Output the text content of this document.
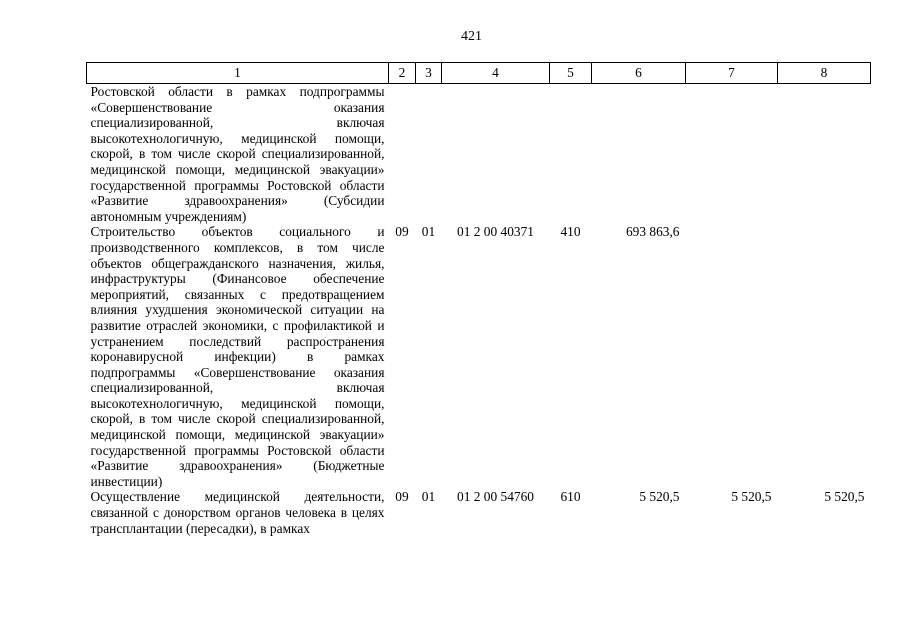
421
1	2	3	4	5	6	7	8
Ростовской области в рамках подпрограммы «Совершенствование оказания специализированной, включая высокотехнологичную, медицинской помощи, скорой, в том числе скорой специализированной, медицинской помощи, медицинской эвакуации» государственной программы Ростовской области «Развитие здравоохранения» (Субсидии автономным учреждениям)							
Строительство объектов социального и производственного комплексов, в том числе объектов общегражданского назначения, жилья, инфраструктуры (Финансовое обеспечение мероприятий, связанных с предотвращением влияния ухудшения экономической ситуации на развитие отраслей экономики, с профилактикой и устранением последствий распространения коронавирусной инфекции) в рамках подпрограммы «Совершенствование оказания специализированной, включая высокотехнологичную, медицинской помощи, скорой, в том числе скорой специализированной, медицинской помощи, медицинской эвакуации» государственной программы Ростовской области «Развитие здравоохранения» (Бюджетные инвестиции)	09	01	01 2 00 40371	410	693 863,6		
Осуществление медицинской деятельности, связанной с донорством органов человека в целях трансплантации (пересадки), в рамках	09	01	01 2 00 54760	610	5 520,5	5 520,5	5 520,5
